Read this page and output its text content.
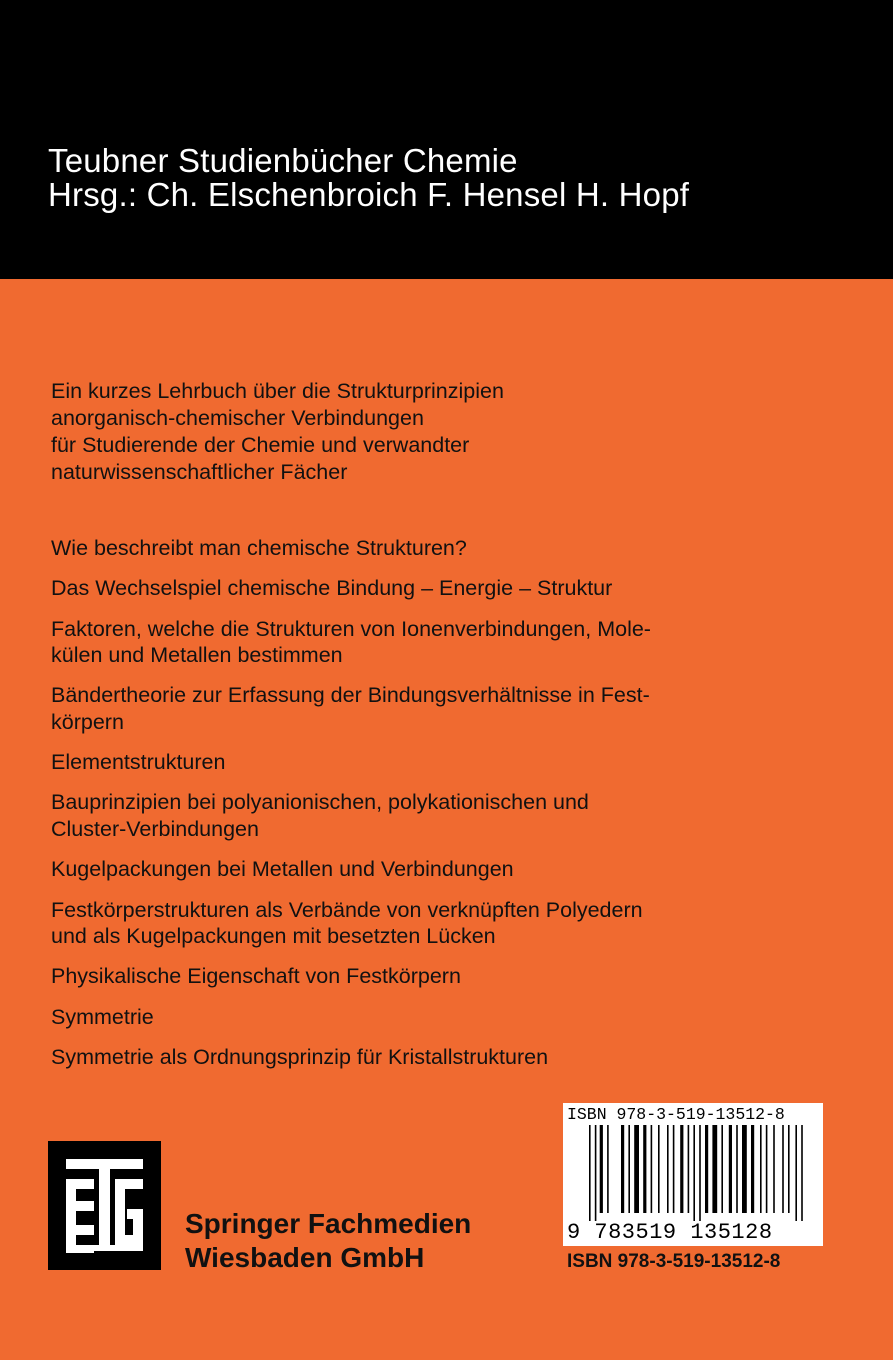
Teubner Studienbücher Chemie
Hrsg.: Ch. Elschenbroich F. Hensel H. Hopf

Ein kurzes Lehrbuch über die Strukturprinzipien
anorganisch-chemischer Verbindungen
für Studierende der Chemie und verwandter
naturwissenschaftlicher Fächer

Wie beschreibt man chemische Strukturen?
Das Wechselspiel chemische Bindung – Energie – Struktur
Faktoren, welche die Strukturen von Ionenverbindungen, Mole-
külen und Metallen bestimmen
Bändertheorie zur Erfassung der Bindungsverhältnisse in Fest-
körpern
Elementstrukturen
Bauprinzipien bei polyanionischen, polykationischen und
Cluster-Verbindungen
Kugelpackungen bei Metallen und Verbindungen
Festkörperstrukturen als Verbände von verknüpften Polyedern
und als Kugelpackungen mit besetzten Lücken
Physikalische Eigenschaft von Festkörpern
Symmetrie
Symmetrie als Ordnungsprinzip für Kristallstrukturen
Springer Fachmedien
Wiesbaden GmbH
ISBN 978-3-519-13512-8
9 783519 135128
ISBN 978-3-519-13512-8
